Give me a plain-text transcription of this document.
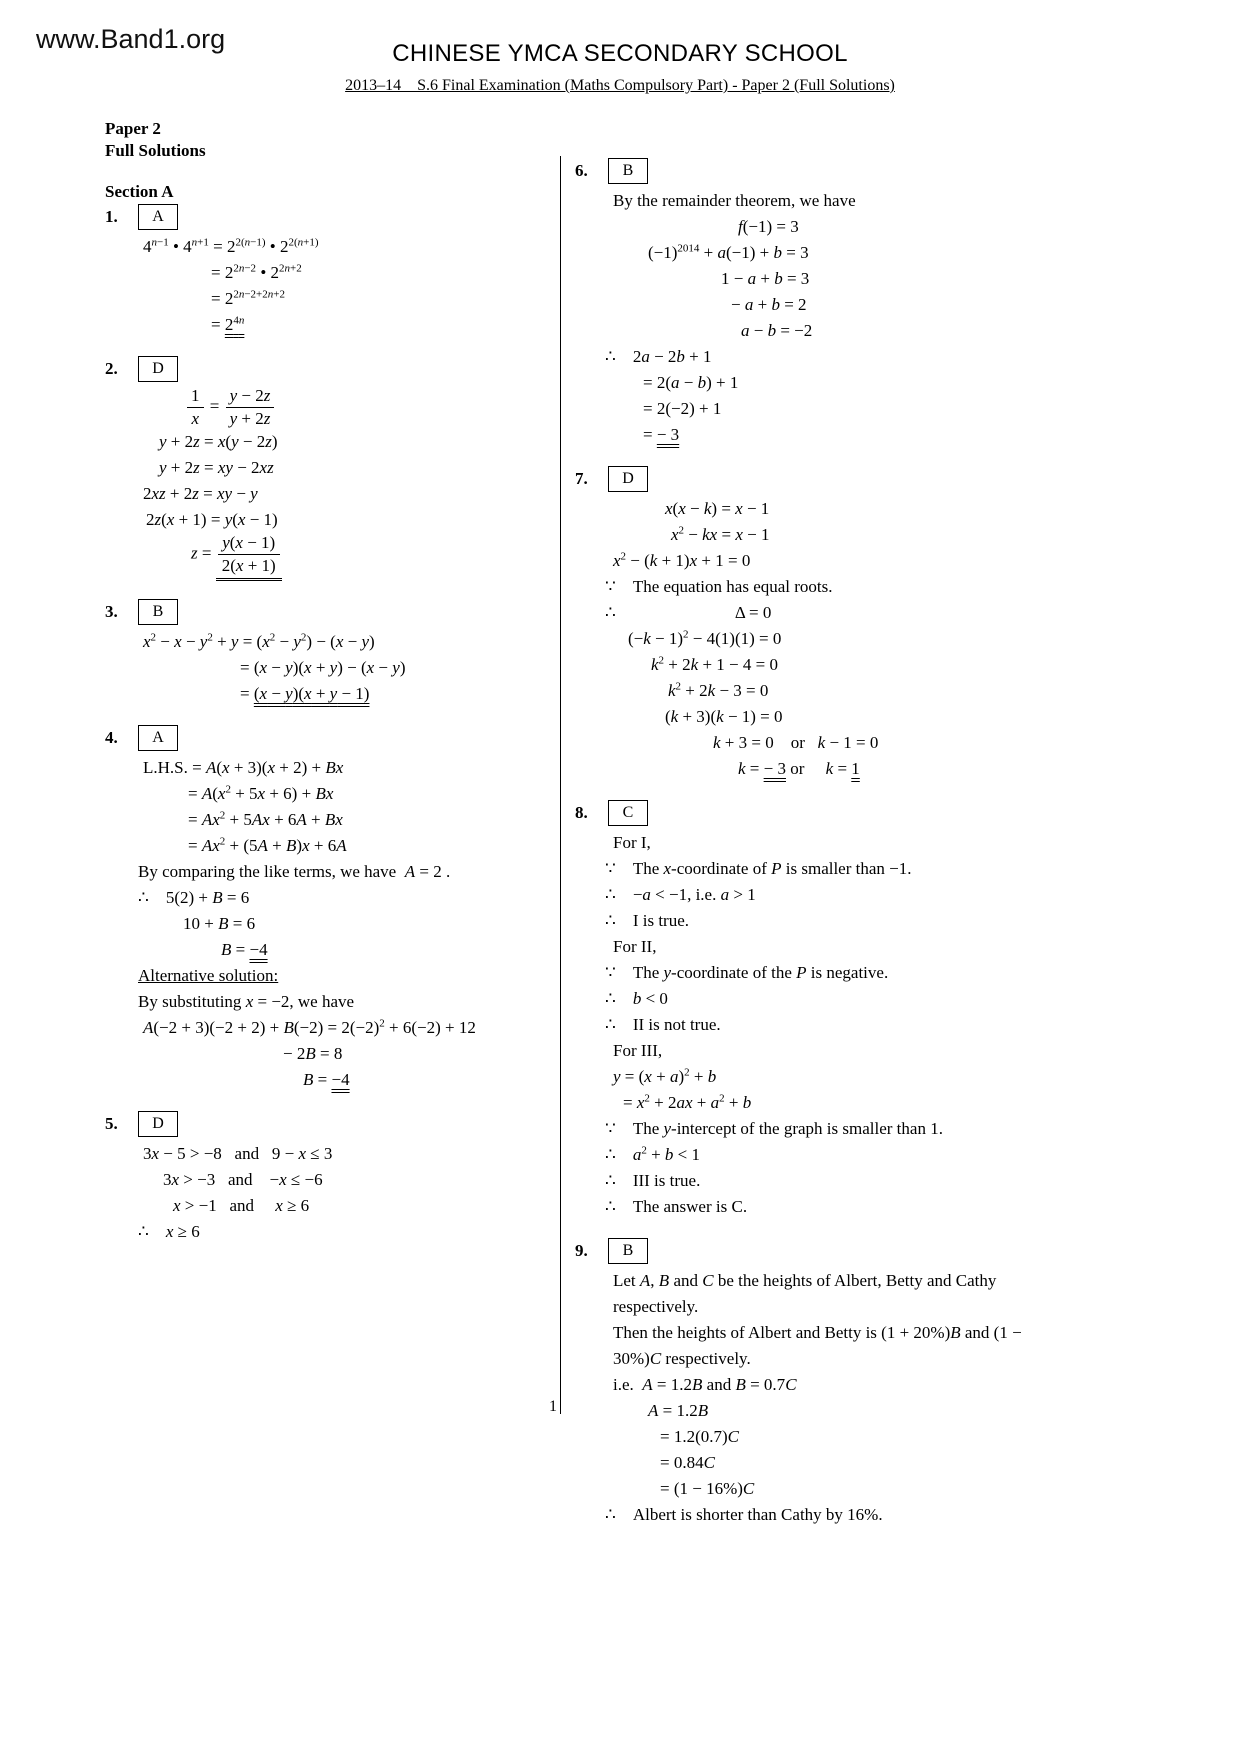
www.Band1.org	CHINESE YMCA SECONDARY SCHOOL
2013–14    S.6 Final Examination (Maths Compulsory Part) - Paper 2 (Full Solutions)
Paper 2
Full Solutions
Section A
1.	A
$4^{n-1}$ • $4^{n+1} = 2^{2(n-1)}$ • $2^{2(n+1)}$
= $2^{2n-2}$ • $2^{2n+2}$
= $2^{2n-2+2n+2}$
= $2^{4n}$
2.	D
$\frac{1}{x} = \frac{y - 2z}{y + 2z}$
y + 2z = x(y − 2z)
y + 2z = xy − 2xz
2xz + 2z = xy − y
2z(x + 1) = y(x − 1)
$z = \frac{y(x - 1)}{2(x + 1)}$
3.	B
$x^2 - x - y^2 + y = (x^2 - y^2) - (x - y)$
= (x − y)(x + y) − (x − y)
= (x − y)(x + y − 1)
4.	A
L.H.S. = A(x + 3)(x + 2) + Bx
= $A(x^2 + 5x + 6) + Bx$
= $Ax^2 + 5Ax + 6A + Bx$
= $Ax^2 + (5A + B)x + 6A$
By comparing the like terms, we have  A = 2 .
∴    5(2) + B = 6
10 + B = 6
B = −4
Alternative solution:
By substituting x = −2, we have
$A(-2 + 3)(-2 + 2) + B(-2) = 2(-2)^2 + 6(-2) + 12$
− 2B = 8
B = −4
5.	D
3x − 5 > −8   and   9 − x ≤ 3
3x > −3   and    −x ≤ −6
x > −1   and     x ≥ 6
∴    x ≥ 6
6.	B
By the remainder theorem, we have
f(−1) = 3
$(-1)^{2014} + a(-1) + b = 3$
1 − a + b = 3
− a + b = 2
a − b = −2
∴    2a − 2b + 1
= 2(a − b) + 1
= 2(−2) + 1
= − 3
7.	D
x(x − k) = x − 1
$x^2$ − kx = x − 1
$x^2 - (k + 1)x + 1 = 0$
∵    The equation has equal roots.
∴                            Δ = 0
$(-k - 1)^2 - 4(1)(1) = 0$
$k^2 + 2k + 1 - 4 = 0$
$k^2 + 2k - 3 = 0$
(k + 3)(k − 1) = 0
k + 3 = 0    or   k − 1 = 0
k = − 3 or     k = 1
8.	C
For I,
∵    The x-coordinate of P is smaller than −1.
∴    −a < −1, i.e. a > 1
∴    I is true.
For II,
∵    The y-coordinate of the P is negative.
∴    b < 0
∴    II is not true.
For III,
$y = (x + a)^2 + b$
= $x^2 + 2ax + a^2 + b$
∵    The y-intercept of the graph is smaller than 1.
∴    $a^2 + b < 1$
∴    III is true.
∴    The answer is C.
9.	B
Let A, B and C be the heights of Albert, Betty and Cathy respectively.
Then the heights of Albert and Betty is (1 + 20%)B and (1 − 30%)C respectively.
i.e.  A = 1.2B and B = 0.7C
A = 1.2B
= 1.2(0.7)C
= 0.84C
= (1 − 16%)C
∴    Albert is shorter than Cathy by 16%.
1
